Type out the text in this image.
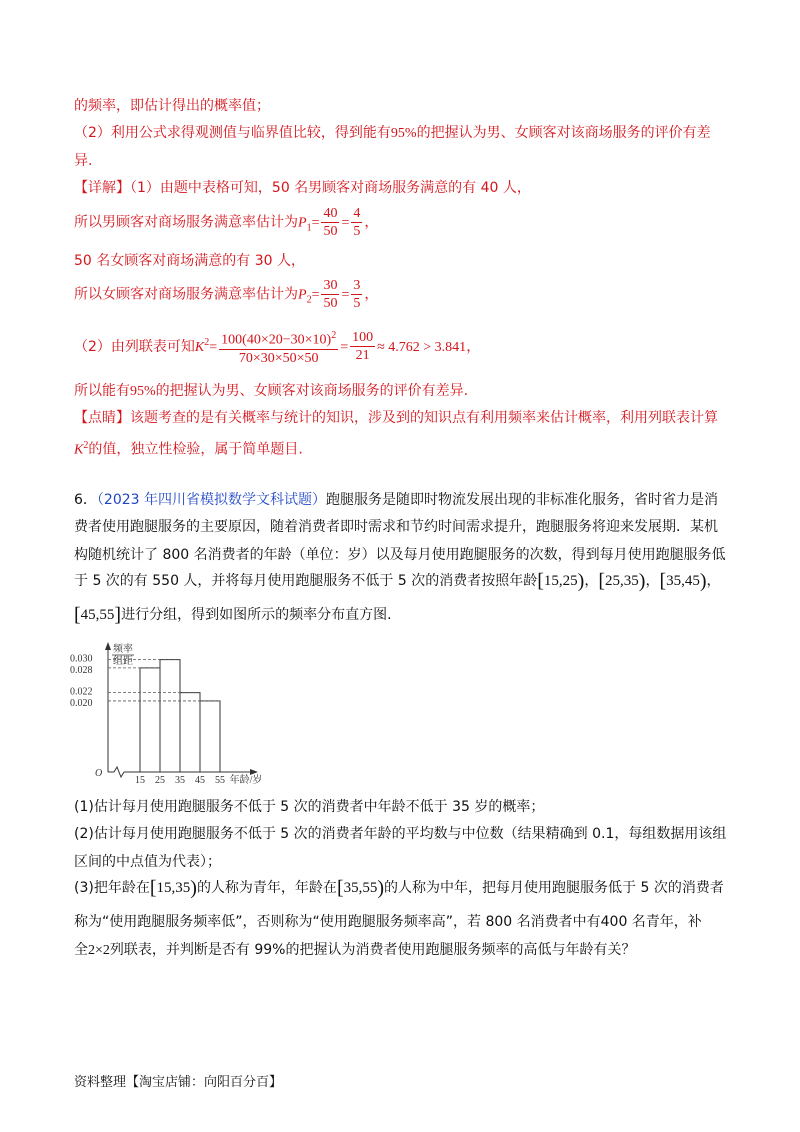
的频率，即估计得出的概率值；
（2）利用公式求得观测值与临界值比较，得到能有95%的把握认为男、女顾客对该商场服务的评价有差
异.
【详解】（1）由题中表格可知，50 名男顾客对商场服务满意的有 40 人，
所以男顾客对商场服务满意率估计为$P_1= \frac{40}{50} = \frac{4}{5}$ ，
50 名女顾客对商场满意的有 30 人，
所以女顾客对商场服务满意率估计为$P_2= \frac{30}{50} = \frac{3}{5}$ ，
（2）由列联表可知$K^2= \frac{100(40\times 20-30\times 10)^2}{70\times 30\times 50\times 50} = \frac{100}{21} \approx 4.762 > 3.841$，
所以能有95%的把握认为男、女顾客对该商场服务的评价有差异.
【点睛】该题考查的是有关概率与统计的知识，涉及到的知识点有利用频率来估计概率，利用列联表计算
$K^2$的值，独立性检验，属于简单题目.
6．（2023 年四川省模拟数学文科试题）跑腿服务是随即时物流发展出现的非标准化服务，省时省力是消
费者使用跑腿服务的主要原因，随着消费者即时需求和节约时间需求提升，跑腿服务将迎来发展期．某机
构随机统计了 800 名消费者的年龄（单位：岁）以及每月使用跑腿服务的次数，得到每月使用跑腿服务低
于 5 次的有 550 人，并将每月使用跑腿服务不低于 5 次的消费者按照年龄[15,25)，[25,35)，[35,45)，
[45,55]进行分组，得到如图所示的频率分布直方图.
频率
组距
O
0.030
0.028
0.022
0.020
15 25 35 45 55 年龄/岁
(1)估计每月使用跑腿服务不低于 5 次的消费者中年龄不低于 35 岁的概率；
(2)估计每月使用跑腿服务不低于 5 次的消费者年龄的平均数与中位数（结果精确到 0.1，每组数据用该组
区间的中点值为代表）；
(3)把年龄在[15,35)的人称为青年，年龄在[35,55)的人称为中年，把每月使用跑腿服务低于 5 次的消费者
称为“使用跑腿服务频率低”，否则称为“使用跑腿服务频率高”，若 800 名消费者中有400 名青年，补
全2×2列联表，并判断是否有 99%的把握认为消费者使用跑腿服务频率的高低与年龄有关？
资料整理【淘宝店铺：向阳百分百】
